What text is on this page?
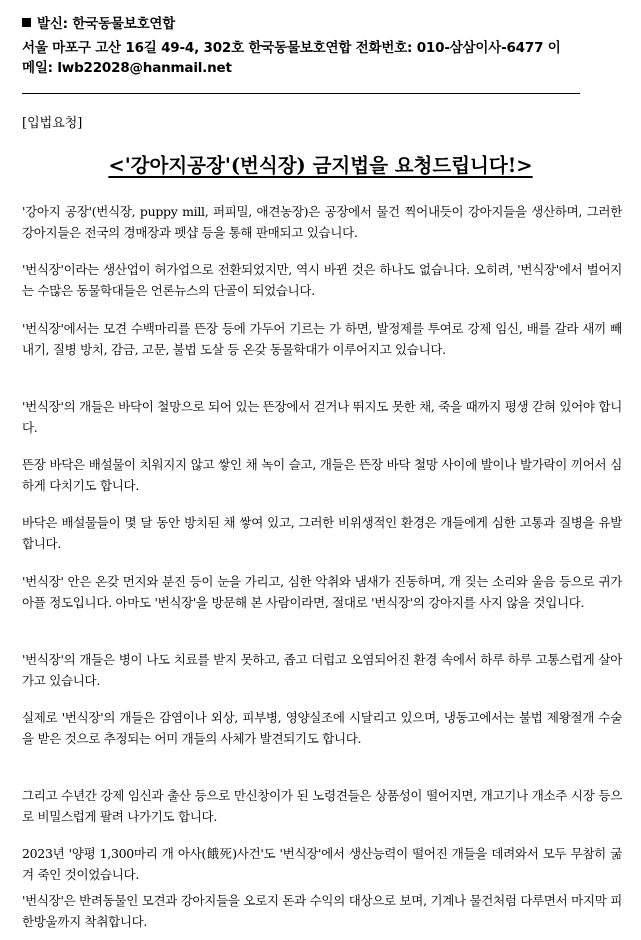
발신: 한국동물보호연합
서울 마포구 고산 16길 49-4, 302호 한국동물보호연합 전화번호: 010-삼삼이사-6477 이
메일: lwb22028@hanmail.net
[입법요청]
<'강아지공장'(번식장) 금지법을 요청드립니다!>
'강아지 공장'(번식장, puppy mill, 퍼피밀, 애견농장)은 공장에서 물건 찍어내듯이 강아지들을 생산하며, 그러한 강아지들은 전국의 경매장과 펫샵 등을 통해 판매되고 있습니다.
'번식장'이라는 생산업이 허가업으로 전환되었지만, 역시 바뀐 것은 하나도 없습니다. 오히려, '번식장'에서 벌어지는 수많은 동물학대들은 언론뉴스의 단골이 되었습니다.
'번식장'에서는 모견 수백마리를 뜬장 등에 가두어 기르는 가 하면, 발정제를 투여로 강제 임신, 배를 갈라 새끼 빼내기, 질병 방치, 감금, 고문, 불법 도살 등 온갖 동물학대가 이루어지고 있습니다.
'번식장'의 개들은 바닥이 철망으로 되어 있는 뜬장에서 걷거나 뛰지도 못한 채, 죽을 때까지 평생 갇혀 있어야 합니다.
뜬장 바닥은 배설물이 치워지지 않고 쌓인 채 녹이 슬고, 개들은 뜬장 바닥 철망 사이에 발이나 발가락이 끼어서 심하게 다치기도 합니다.
바닥은 배설물들이 몇 달 동안 방치된 채 쌓여 있고, 그러한 비위생적인 환경은 개들에게 심한 고통과 질병을 유발합니다.
'번식장' 안은 온갖 먼지와 분진 등이 눈을 가리고, 심한 악취와 냄새가 진동하며, 개 짖는 소리와 울음 등으로 귀가 아플 정도입니다. 아마도 '번식장'을 방문해 본 사람이라면, 절대로 '번식장'의 강아지를 사지 않을 것입니다.
'번식장'의 개들은 병이 나도 치료를 받지 못하고, 좁고 더럽고 오염되어진 환경 속에서 하루 하루 고통스럽게 살아가고 있습니다.
실제로 '번식장'의 개들은 감염이나 외상, 피부병, 영양실조에 시달리고 있으며, 냉동고에서는 불법 제왕절개 수술을 받은 것으로 추정되는 어미 개들의 사체가 발견되기도 합니다.
그리고 수년간 강제 임신과 출산 등으로 만신창이가 된 노령견들은 상품성이 떨어지면, 개고기나 개소주 시장 등으로 비밀스럽게 팔려 나가기도 합니다.
2023년 '양평 1,300마리 개 아사(餓死)사건'도 '번식장'에서 생산능력이 떨어진 개들을 데려와서 모두 무참히 굶겨 죽인 것이었습니다.
'번식장'은 반려동물인 모견과 강아지들을 오로지 돈과 수익의 대상으로 보며, 기계나 물건처럼 다루면서 마지막 피 한방울까지 착취합니다.
